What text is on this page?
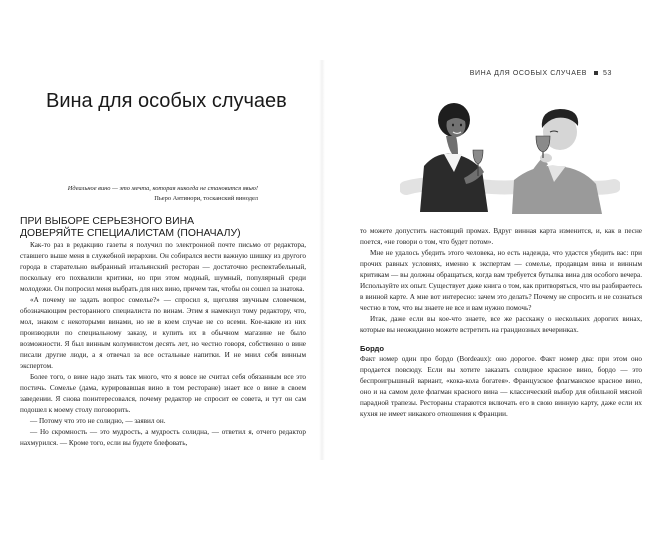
Вина для особых случаев
Идеальное вино — это мечта, которая никогда не становится явью!
Пьеро Антинори, тосканский винодел
ПРИ ВЫБОРЕ СЕРЬЕЗНОГО ВИНА
ДОВЕРЯЙТЕ СПЕЦИАЛИСТАМ (ПОНАЧАЛУ)

Как-то раз в редакцию газеты я получил по электронной почте письмо от редактора, ставшего выше меня в служебной иерархии. Он собирался вести важную шишку из другого города в старательно выбранный итальянский ресторан — достаточно респектабельный, поскольку его похвалили критики, но при этом модный, шумный, популярный среди молодежи. Он попросил меня выбрать для них вино, причем так, чтобы он сошел за знатока.

«А почему не задать вопрос сомелье?» — спросил я, щеголяя звучным словечком, обозначающим ресторанного специалиста по винам. Этим я намекнул тому редактору, что, мол, знаком с некоторыми винами, но не в коем случае не со всеми. Кое-какие из них производили по специальному заказу, и купить их в обычном магазине не было возможности. Я был винным колумнистом десять лет, но честно говоря, собственно о вине писали другие люди, а я отвечал за все остальные напитки. И не мнил себя винным экспертом.

Более того, о вине надо знать так много, что я вовсе не считал себя обязанным все это постичь. Сомелье (дама, курировавшая вино в том ресторане) знает все о вине в своем заведении. Я снова поинтересовался, почему редактор не спросит ее совета, и тут он сам подошел к моему столу поговорить.

— Потому что это не солидно, — заявил он.

— Но скромность — это мудрость, а мудрость солидна, — ответил я, отчего редактор нахмурился. — Кроме того, если вы будете блефовать,

ВИНА ДЛЯ ОСОБЫХ СЛУЧАЕВ 53

то можете допустить настоящий промах. Вдруг винная карта изменится, и, как в песне поется, «не говори о том, что будет потом».

Мне не удалось убедить этого человека, но есть надежда, что удастся убедить вас: при прочих равных условиях, именно к экспертам — сомелье, продавцам вина и винным критикам — вы должны обращаться, когда вам требуется бутылка вина для особого вечера. Используйте их опыт. Существует даже книга о том, как притворяться, что вы разбираетесь в винной карте. А мне вот интересно: зачем это делать? Почему не спросить и не сознаться честно в том, что вы знаете не все и вам нужно помочь?

Итак, даже если вы кое-что знаете, все же расскажу о нескольких дорогих винах, которые вы неожиданно можете встретить на грандиозных вечеринках.

Бордо

Факт номер один про бордо (Bordeaux): оно дорогое. Факт номер два: при этом оно продается повсюду. Если вы хотите заказать солидное красное вино, бордо — это беспроигрышный вариант, «кока-кола богатея». Французское флагманское красное вино, оно и на самом деле флагман красного вина — классический выбор для обильной мясной парадной трапезы. Рестораны стараются включать его в свою винную карту, даже если их кухня не имеет никакого отношения к Франции.
